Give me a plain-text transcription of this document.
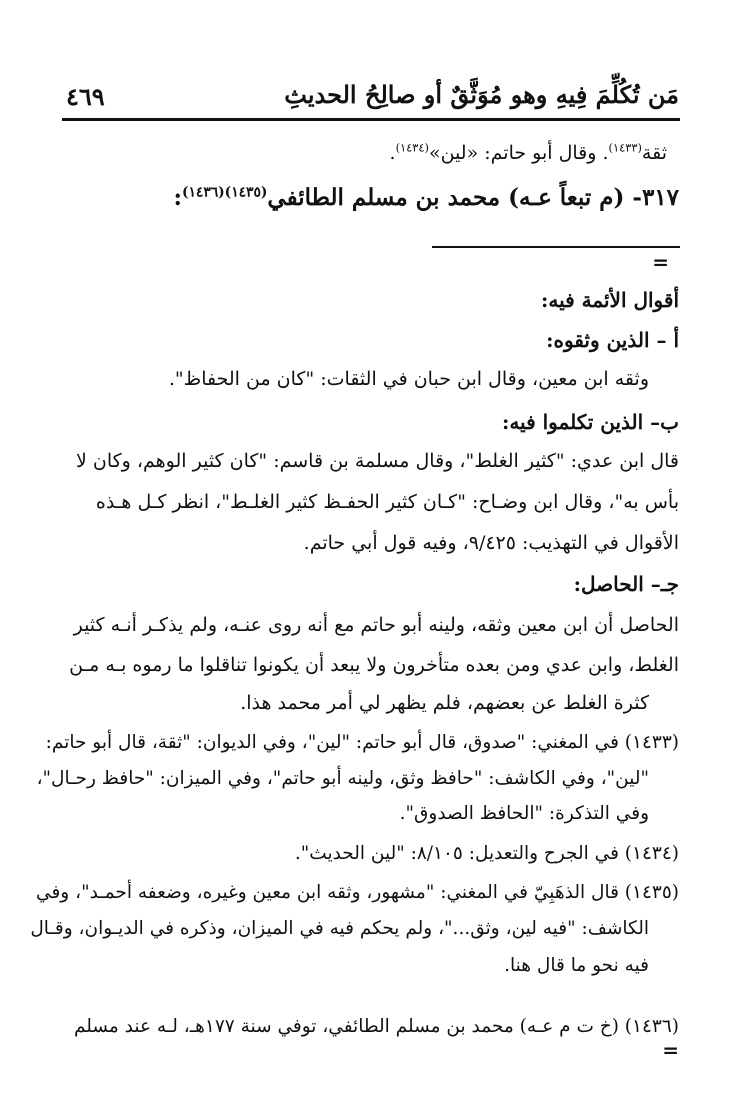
٤٦٩	مَن تُكُلِّمَ فِيهِ وهو مُوَثَّقٌ أو صالِحُ الحديثِ
ثقة$^{(١٤٣٣)}$. وقال أبو حاتم: «لين»$^{(١٤٣٤)}$.
٣١٧- (م تبعاً عـه) محمد بن مسلم الطائفي$^{(١٤٣٥)(١٤٣٦)}$:
=
أقوال الأئمة فيه:
أ – الذين وثقوه:
وثقه ابن معين، وقال ابن حبان في الثقات: "كان من الحفاظ".
ب– الذين تكلموا فيه:
قال ابن عدي: "كثير الغلط"، وقال مسلمة بن قاسم: "كان كثير الوهم، وكان لا
بأس به"، وقال ابن وضـاح: "كـان كثير الحفـظ كثير الغلـط"، انظر كـل هـذه
الأقوال في التهذيب: ٩/٤٢٥، وفيه قول أبي حاتم.
جـ– الحاصل:
الحاصل أن ابن معين وثقه، ولينه أبو حاتم مع أنه روى عنـه، ولم يذكـر أنـه كثير
الغلط، وابن عدي ومن بعده متأخرون ولا يبعد أن يكونوا تناقلوا ما رموه بـه مـن
كثرة الغلط عن بعضهم، فلم يظهر لي أمر محمد هذا.
(١٤٣٣) في المغني: "صدوق، قال أبو حاتم: "لين"، وفي الديوان: "ثقة، قال أبو حاتم:
"لين"، وفي الكاشف: "حافظ وثق، ولينه أبو حاتم"، وفي الميزان: "حافظ رحـال"،
وفي التذكرة: "الحافظ الصدوق".
(١٤٣٤) في الجرح والتعديل: ٨/١٠٥: "لين الحديث".
(١٤٣٥) قال الذهَبِيّ في المغني: "مشهور، وثقه ابن معين وغيره، وضعفه أحمـد"، وفي
الكاشف: "فيه لين، وثق..."، ولم يحكم فيه في الميزان، وذكره في الديـوان، وقـال
فيه نحو ما قال هنا.
(١٤٣٦) (خ ت م عـه) محمد بن مسلم الطائفي، توفي سنة ١٧٧هـ، لـه عند مسلم
=
